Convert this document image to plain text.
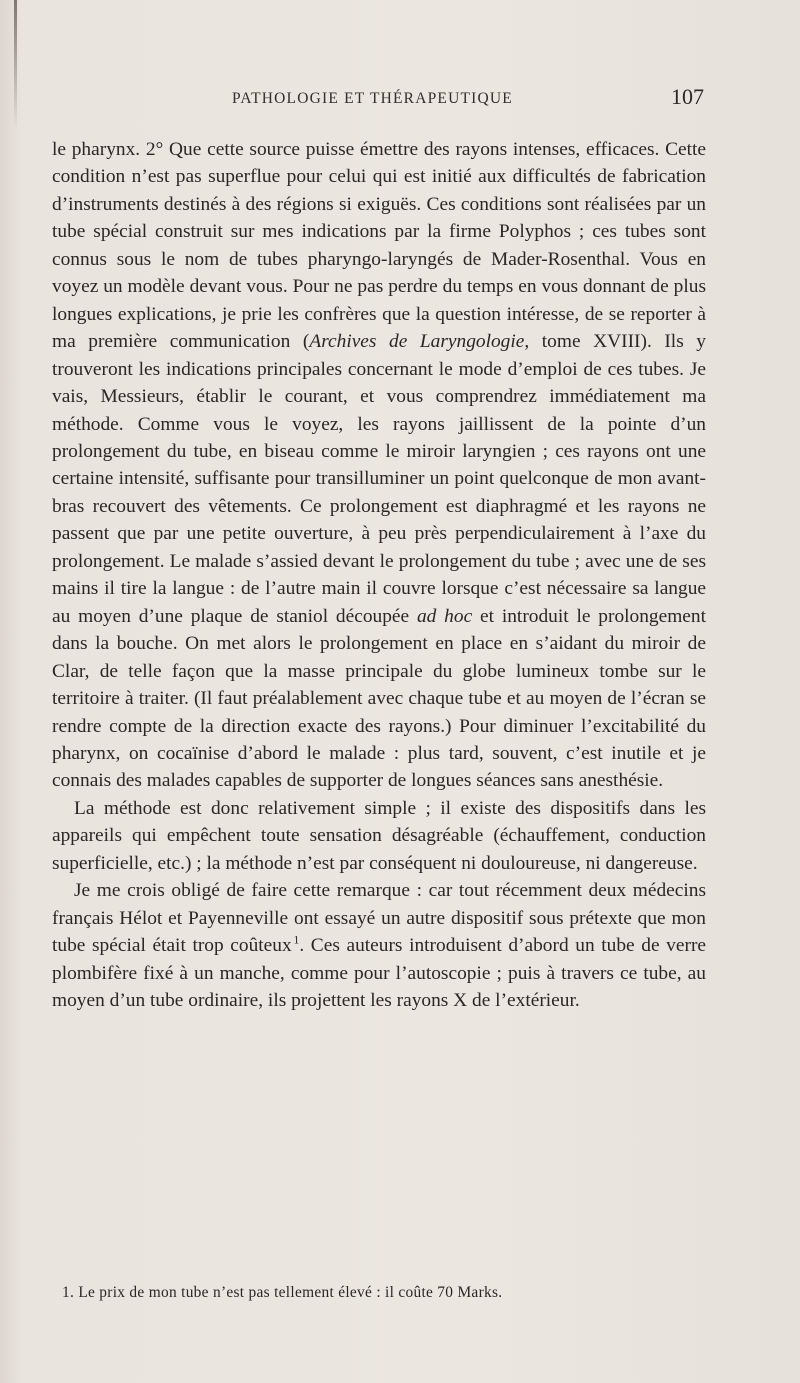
PATHOLOGIE ET THÉRAPEUTIQUE	107

le pharynx. 2° Que cette source puisse émettre des rayons intenses, efficaces. Cette condition n’est pas superflue pour celui qui est initié aux difficultés de fabrication d’instruments destinés à des régions si exiguës. Ces conditions sont réalisées par un tube spécial construit sur mes indications par la firme Polyphos ; ces tubes sont connus sous le nom de tubes pharyngo-laryngés de Mader-Rosenthal. Vous en voyez un modèle devant vous. Pour ne pas perdre du temps en vous donnant de plus longues explications, je prie les confrères que la question intéresse, de se reporter à ma première communication (Archives de Laryngologie, tome XVIII). Ils y trouveront les indications principales concernant le mode d’emploi de ces tubes. Je vais, Messieurs, établir le courant, et vous comprendrez immédiatement ma méthode. Comme vous le voyez, les rayons jaillissent de la pointe d’un prolongement du tube, en biseau comme le miroir laryngien ; ces rayons ont une certaine intensité, suffisante pour transilluminer un point quelconque de mon avant-bras recouvert des vêtements. Ce prolongement est diaphragmé et les rayons ne passent que par une petite ouverture, à peu près perpendiculairement à l’axe du prolongement. Le malade s’assied devant le prolongement du tube ; avec une de ses mains il tire la langue : de l’autre main il couvre lorsque c’est nécessaire sa langue au moyen d’une plaque de staniol découpée ad hoc et introduit le prolongement dans la bouche. On met alors le prolongement en place en s’aidant du miroir de Clar, de telle façon que la masse principale du globe lumineux tombe sur le territoire à traiter. (Il faut préalablement avec chaque tube et au moyen de l’écran se rendre compte de la direction exacte des rayons.) Pour diminuer l’excitabilité du pharynx, on cocaïnise d’abord le malade : plus tard, souvent, c’est inutile et je connais des malades capables de supporter de longues séances sans anesthésie.

La méthode est donc relativement simple ; il existe des dispositifs dans les appareils qui empêchent toute sensation désagréable (échauffement, conduction superficielle, etc.) ; la méthode n’est par conséquent ni douloureuse, ni dangereuse.

Je me crois obligé de faire cette remarque : car tout récemment deux médecins français Hélot et Payenneville ont essayé un autre dispositif sous prétexte que mon tube spécial était trop coûteux  $^1$. Ces auteurs introduisent d’abord un tube de verre plombifère fixé à un manche, comme pour l’autoscopie ; puis à travers ce tube, au moyen d’un tube ordinaire, ils projettent les rayons X de l’extérieur.

1. Le prix de mon tube n’est pas tellement élevé : il coûte 70 Marks.
